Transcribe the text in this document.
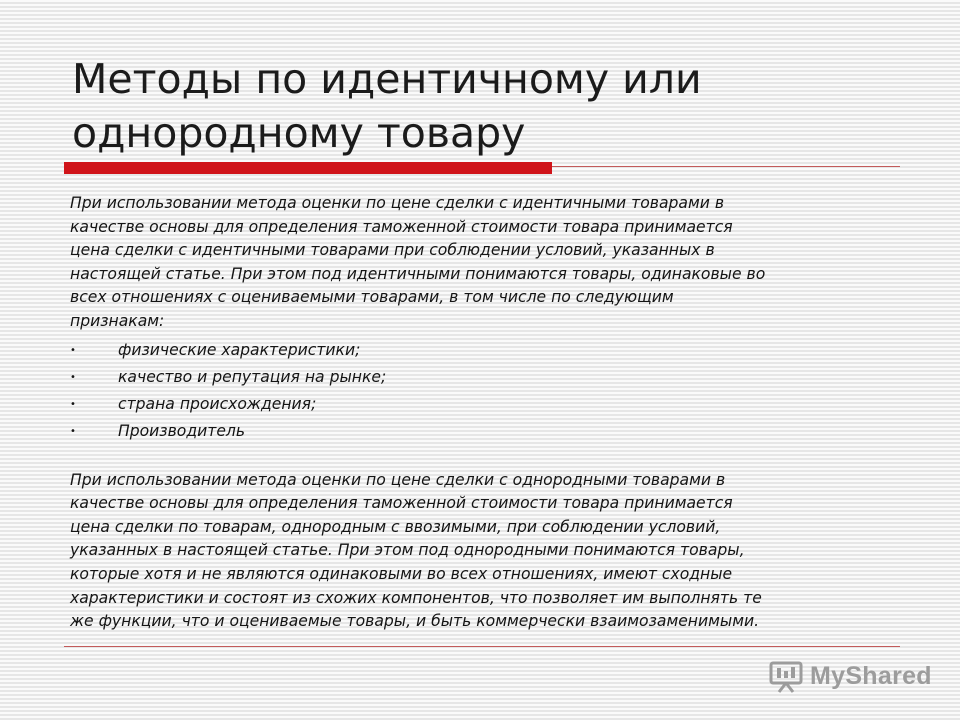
Методы по идентичному или
однородному товару

При использовании метода оценки по цене сделки с идентичными товарами в
качестве основы для определения таможенной стоимости товара принимается
цена сделки с идентичными товарами при соблюдении условий, указанных в
настоящей статье. При этом под идентичными понимаются товары, одинаковые во
всех отношениях с оцениваемыми товарами, в том числе по следующим
признакам:

•	физические характеристики;
•	качество и репутация на рынке;
•	страна происхождения;
•	Производитель

При использовании метода оценки по цене сделки с однородными товарами в
качестве основы для определения таможенной стоимости товара принимается
цена сделки по товарам, однородным с ввозимыми, при соблюдении условий,
указанных в настоящей статье. При этом под однородными понимаются товары,
которые хотя и не являются одинаковыми во всех отношениях, имеют сходные
характеристики и состоят из схожих компонентов, что позволяет им выполнять те
же функции, что и оцениваемые товары, и быть коммерчески взаимозаменимыми.

MyShared
